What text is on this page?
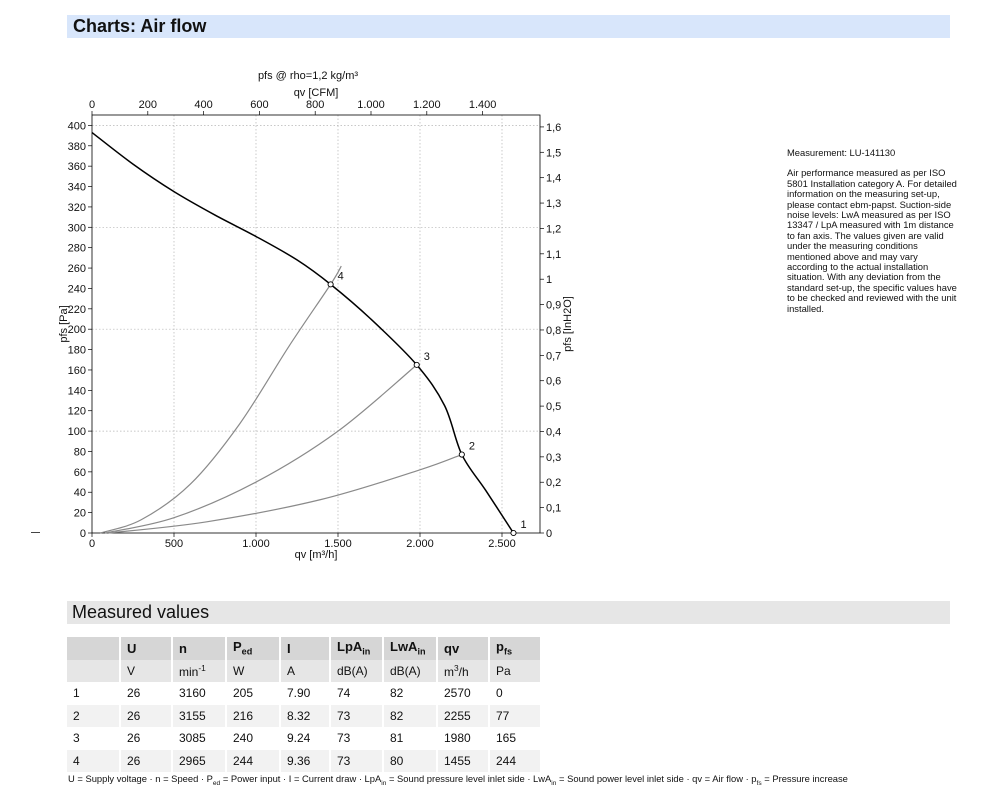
Charts: Air flow
0	500	1.000	1.500	2.000	2.500
0	200	400	600	800	1.000	1.200	1.400
0
20
40
60
80
100
120
140
160
180
200
220
240
260
280
300
320
340
360
380
400
0
0,1
0,2
0,3
0,4
0,5
0,6
0,7
0,8
0,9
1
1,1
1,2
1,3
1,4
1,5
1,6
1
2
3
4
pfs @ rho=1,2 kg/m³
qv [CFM]
qv [m³/h]
pfs [Pa]	pfs [InH2O]
Measurement: LU-141130
Air performance measured as per ISO 5801 Installation category A. For detailed information on the measuring set-up, please contact ebm-papst. Suction-side noise levels: LwA measured as per ISO 13347 / LpA measured with 1m distance to fan axis. The values given are valid under the measuring conditions mentioned above and may vary according to the actual installation situation. With any deviation from the standard set-up, the specific values have to be checked and reviewed with the unit installed.
Measured values
	U	n	$P_{ed}$	I	LpA$_{in}$	LwA$_{in}$	qv	$p_{fs}$
	V	$\min^{-1}$	W	A	dB(A)	dB(A)	$m^3/h$	Pa
1	26	3160	205	7.90	74	82	2570	0
2	26	3155	216	8.32	73	82	2255	77
3	26	3085	240	9.24	73	81	1980	165
4	26	2965	244	9.36	73	80	1455	244
U = Supply voltage · n = Speed · $P_{ed}$ = Power input · I = Current draw · LpA$_{in}$ = Sound pressure level inlet side · LwA$_{in}$ = Sound power level inlet side · qv = Air flow · $p_{fs}$ = Pressure increase
